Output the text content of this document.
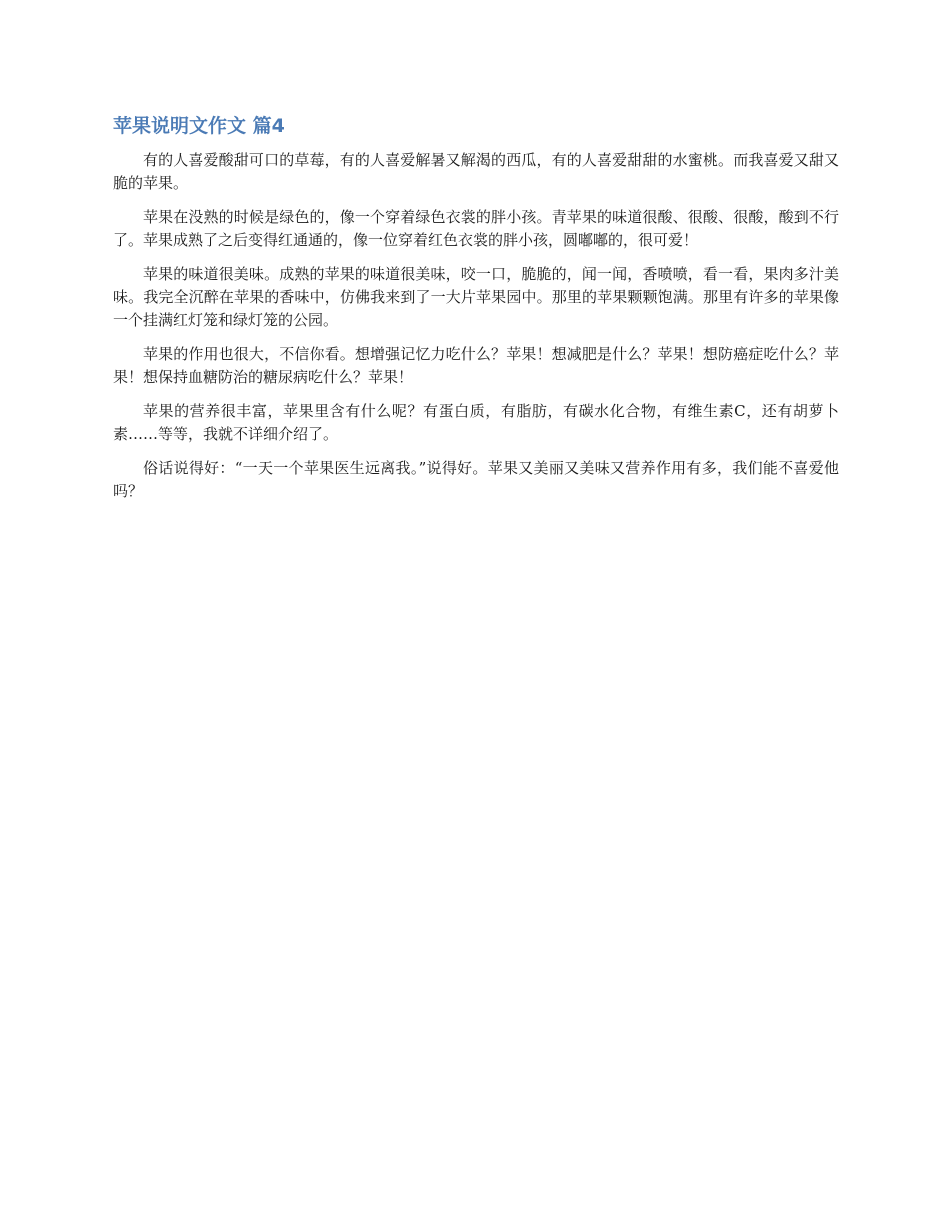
苹果说明文作文 篇4

有的人喜爱酸甜可口的草莓，有的人喜爱解暑又解渴的西瓜，有的人喜爱甜甜的水蜜桃。而我喜爱又甜又脆的苹果。

苹果在没熟的时候是绿色的，像一个穿着绿色衣裳的胖小孩。青苹果的味道很酸、很酸、很酸，酸到不行了。苹果成熟了之后变得红通通的，像一位穿着红色衣裳的胖小孩，圆嘟嘟的，很可爱！

苹果的味道很美味。成熟的苹果的味道很美味，咬一口，脆脆的，闻一闻，香喷喷，看一看，果肉多汁美味。我完全沉醉在苹果的香味中，仿佛我来到了一大片苹果园中。那里的苹果颗颗饱满。那里有许多的苹果像一个挂满红灯笼和绿灯笼的公园。

苹果的作用也很大，不信你看。想增强记忆力吃什么？苹果！想减肥是什么？苹果！想防癌症吃什么？苹果！想保持血糖防治的糖尿病吃什么？苹果！

苹果的营养很丰富，苹果里含有什么呢？有蛋白质，有脂肪，有碳水化合物，有维生素C，还有胡萝卜素……等等，我就不详细介绍了。

俗话说得好：“一天一个苹果医生远离我。”说得好。苹果又美丽又美味又营养作用有多，我们能不喜爱他吗？
